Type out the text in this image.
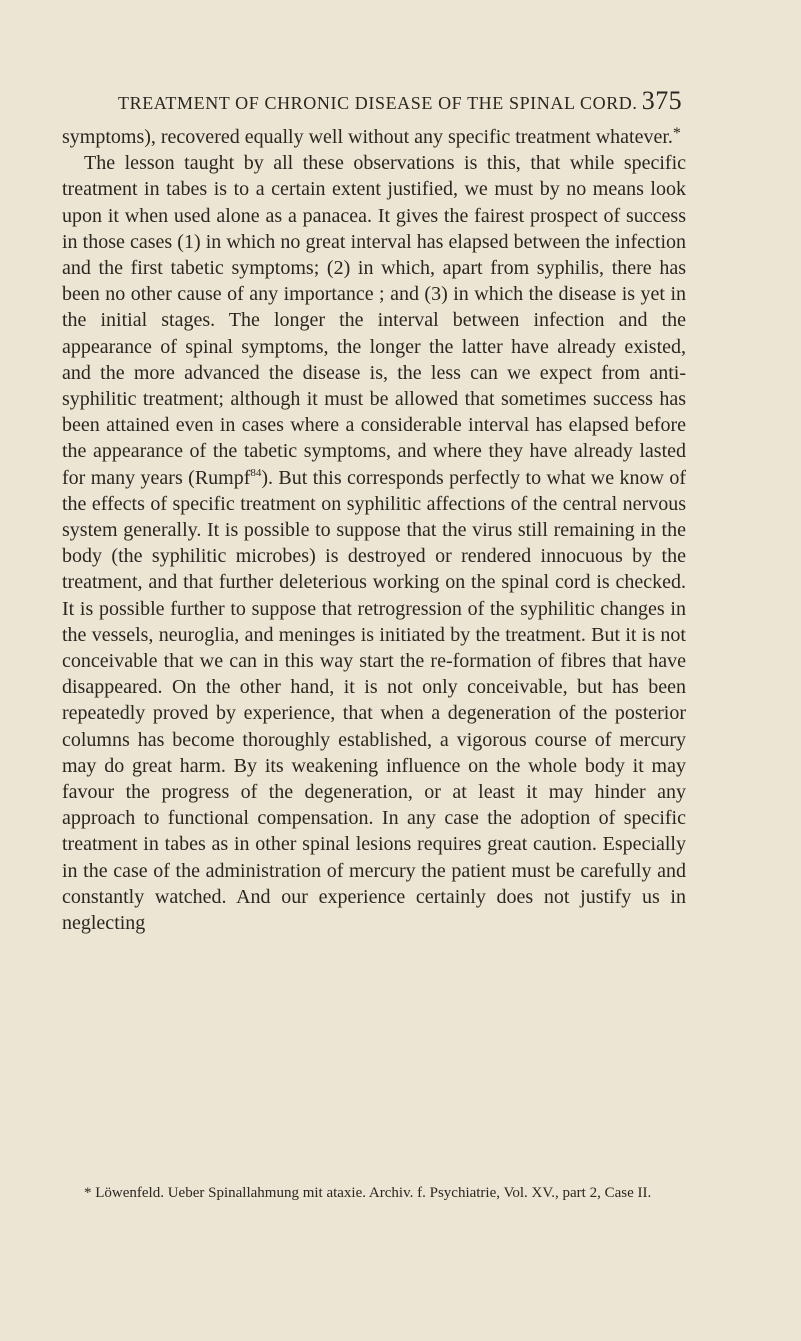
TREATMENT OF CHRONIC DISEASE OF THE SPINAL CORD. 375

symptoms), recovered equally well without any specific treatment whatever.*

The lesson taught by all these observations is this, that while specific treatment in tabes is to a certain extent justified, we must by no means look upon it when used alone as a panacea. It gives the fairest prospect of success in those cases (1) in which no great interval has elapsed between the infection and the first tabetic symptoms; (2) in which, apart from syphilis, there has been no other cause of any importance ; and (3) in which the disease is yet in the initial stages. The longer the interval between infection and the appearance of spinal symptoms, the longer the latter have already existed, and the more advanced the disease is, the less can we expect from anti-syphilitic treatment; although it must be allowed that sometimes success has been attained even in cases where a considerable interval has elapsed before the appearance of the tabetic symptoms, and where they have already lasted for many years (Rumpf$^{84}$). But this corresponds perfectly to what we know of the effects of specific treatment on syphilitic affections of the central nervous system generally. It is possible to suppose that the virus still remaining in the body (the syphilitic microbes) is destroyed or rendered innocuous by the treatment, and that further deleterious working on the spinal cord is checked. It is possible further to suppose that retrogression of the syphilitic changes in the vessels, neuroglia, and meninges is initiated by the treatment. But it is not conceivable that we can in this way start the re-formation of fibres that have disappeared. On the other hand, it is not only conceivable, but has been repeatedly proved by experience, that when a degeneration of the posterior columns has become thoroughly established, a vigorous course of mercury may do great harm. By its weakening influence on the whole body it may favour the progress of the degeneration, or at least it may hinder any approach to functional compensation. In any case the adoption of specific treatment in tabes as in other spinal lesions requires great caution. Especially in the case of the administration of mercury the patient must be carefully and constantly watched. And our experience certainly does not justify us in neglecting

* Löwenfeld. Ueber Spinallahmung mit ataxie. Archiv. f. Psychiatrie, Vol. XV., part 2, Case II.
